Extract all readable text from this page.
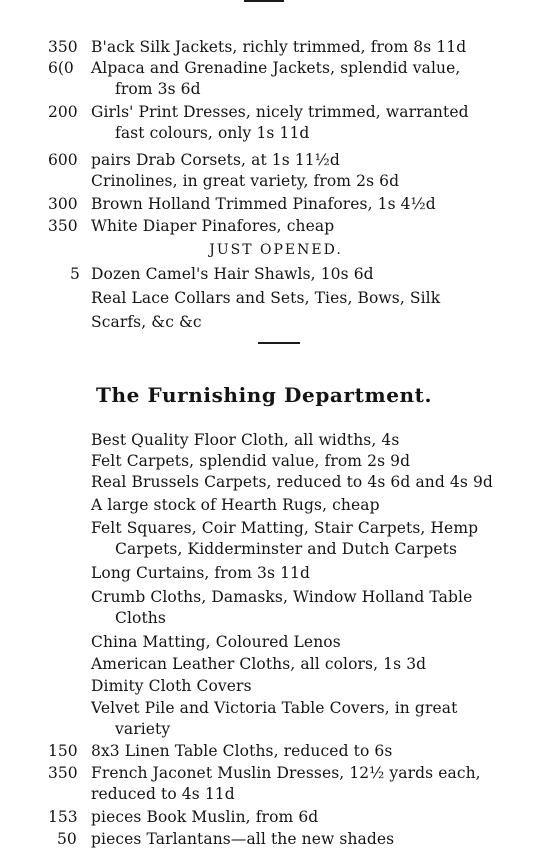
350 B'ack Silk Jackets, richly trimmed, from 8s 11d
6(0 Alpaca and Grenadine Jackets, splendid value,
from 3s 6d
200 Girls' Print Dresses, nicely trimmed, warranted
fast colours, only 1s 11d
600 pairs Drab Corsets, at 1s 11½d
Crinolines, in great variety, from 2s 6d
300 Brown Holland Trimmed Pinafores, 1s 4½d
350 White Diaper Pinafores, cheap
JUST OPENED.
5 Dozen Camel's Hair Shawls, 10s 6d
Real Lace Collars and Sets, Ties, Bows, Silk
Scarfs, &c &c
The Furnishing Department.
Best Quality Floor Cloth, all widths, 4s
Felt Carpets, splendid value, from 2s 9d
Real Brussels Carpets, reduced to 4s 6d and 4s 9d
A large stock of Hearth Rugs, cheap
Felt Squares, Coir Matting, Stair Carpets, Hemp
Carpets, Kidderminster and Dutch Carpets
Long Curtains, from 3s 11d
Crumb Cloths, Damasks, Window Holland Table
Cloths
China Matting, Coloured Lenos
American Leather Cloths, all colors, 1s 3d
Dimity Cloth Covers
Velvet Pile and Victoria Table Covers, in great
variety
150 8x3 Linen Table Cloths, reduced to 6s
350 French Jaconet Muslin Dresses, 12½ yards each,
reduced to 4s 11d
153 pieces Book Muslin, from 6d
50 pieces Tarlantans—all the new shades
